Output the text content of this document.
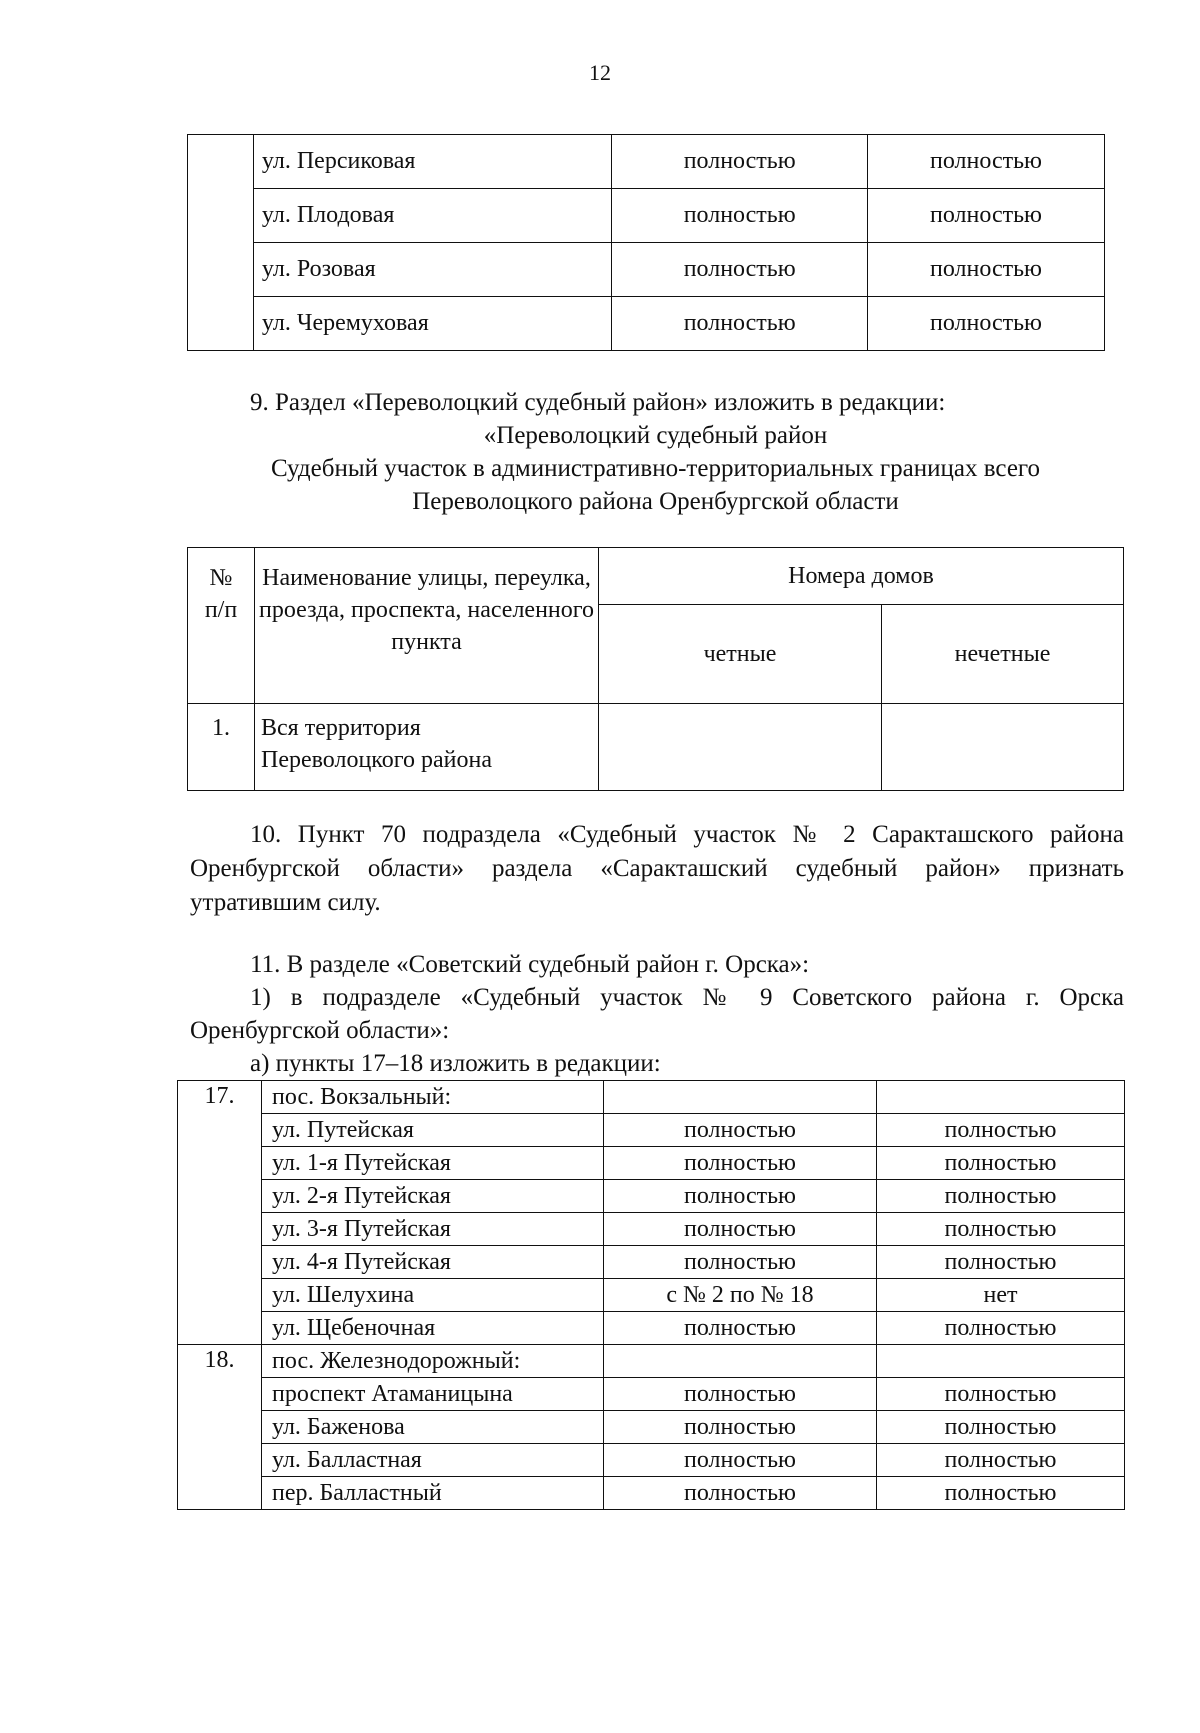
12
	ул. Персиковая	полностью	полностью
	ул. Плодовая	полностью	полностью
	ул. Розовая	полностью	полностью
	ул. Черемуховая	полностью	полностью
9. Раздел «Переволоцкий судебный район» изложить в редакции:
«Переволоцкий судебный район
Судебный участок в административно-территориальных границах всего
Переволоцкого района Оренбургской области
№
п/п	Наименование улицы, переулка, проезда, проспекта, населенного пункта	Номера домов	
		четные	нечетные
1.	Вся территория
Переволоцкого района		

10. Пункт 70 подраздела «Судебный участок № 2 Саракташского района Оренбургской области» раздела «Саракташский судебный район» признать утратившим силу.
11. В разделе «Советский судебный район г. Орска»:
1) в подразделе «Судебный участок № 9 Советского района г. Орска Оренбургской области»:
а) пункты 17–18 изложить в редакции:
17.	пос. Вокзальный:		
	ул. Путейская	полностью	полностью
	ул. 1-я Путейская	полностью	полностью
	ул. 2-я Путейская	полностью	полностью
	ул. 3-я Путейская	полностью	полностью
	ул. 4-я Путейская	полностью	полностью
	ул. Шелухина	с № 2 по № 18	нет
	ул. Щебеночная	полностью	полностью
18.	пос. Железнодорожный:		
	проспект Атаманицына	полностью	полностью
	ул. Баженова	полностью	полностью
	ул. Балластная	полностью	полностью
	пер. Балластный	полностью	полностью
